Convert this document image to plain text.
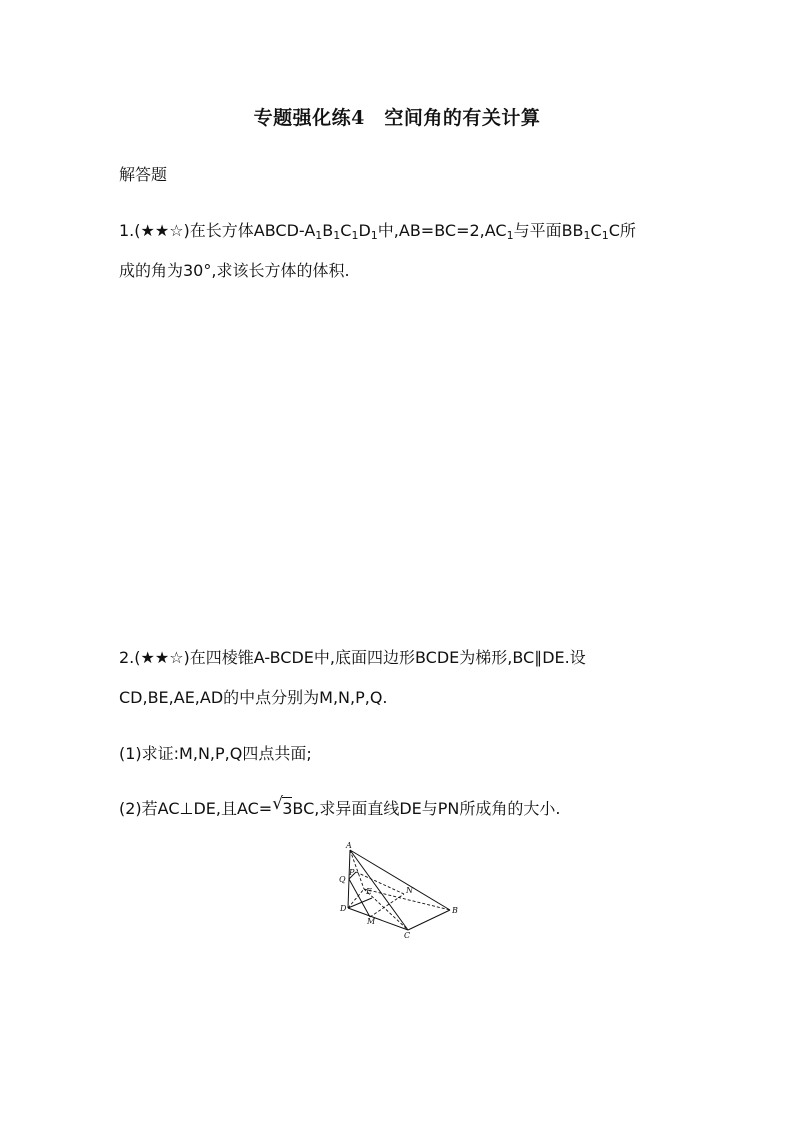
专题强化练4　空间角的有关计算
解答题
1.(★★☆)在长方体ABCD-$A_1B_1C_1D_1$中$,AB=BC=2,AC_1$与平面$BB_1C_1C$所
成的角为30°,求该长方体的体积.
2.(★★☆)在四棱锥A-BCDE中,底面四边形BCDE为梯形,BC∥DE.设
CD,BE,AE,AD的中点分别为M,N,P,Q.
(1)求证:M,N,P,Q四点共面;
(2)若AC⊥DE,且AC= √ 3BC,求异面直线DE与PN所成角的大小.
A
P
Q
E	N
D
M
B
C
